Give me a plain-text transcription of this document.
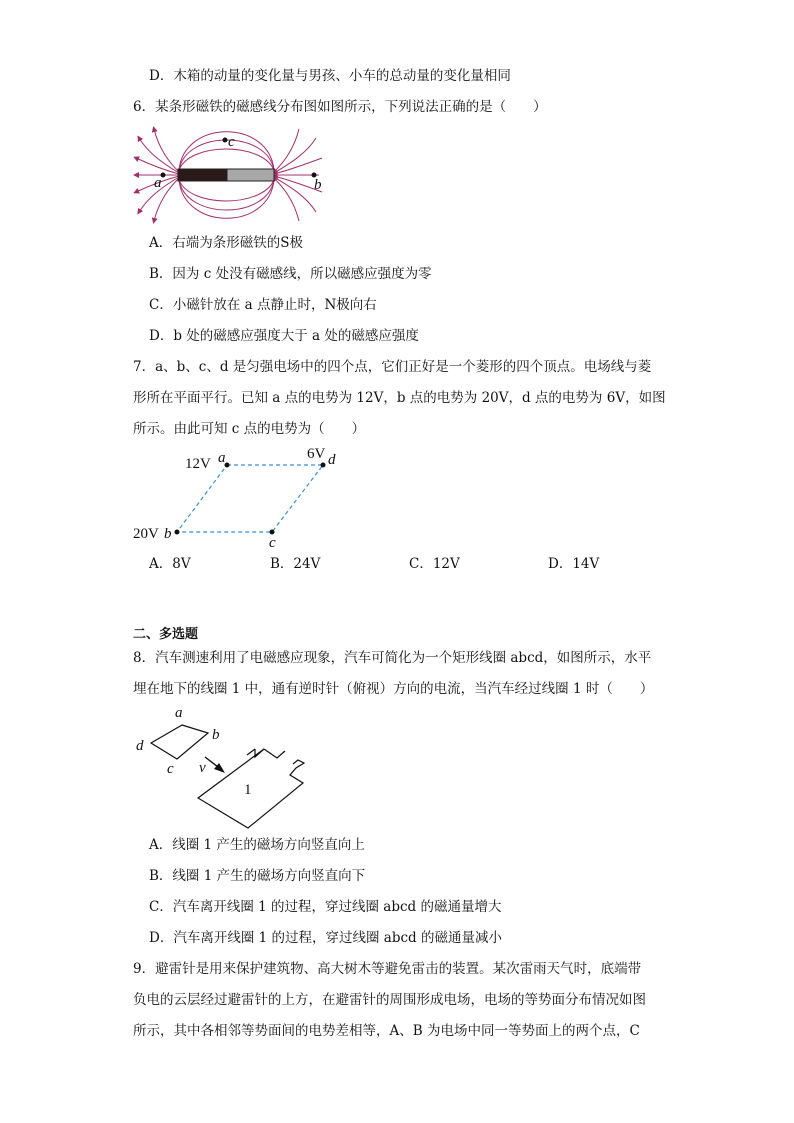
D．木箱的动量的变化量与男孩、小车的总动量的变化量相同
6．某条形磁铁的磁感线分布图如图所示，下列说法正确的是（　　）
c
a	b
A．右端为条形磁铁的S极
B．因为 c 处没有磁感线，所以磁感应强度为零
C．小磁针放在 a 点静止时，N极向右
D．b 处的磁感应强度大于 a 处的磁感应强度
7．a、b、c、d 是匀强电场中的四个点，它们正好是一个菱形的四个顶点。电场线与菱
形所在平面平行。已知 a 点的电势为 12V，b 点的电势为 20V，d 点的电势为 6V，如图
所示。由此可知 c 点的电势为（　　）
12V a	6V d
20V b
c
A．8V	B．24V	C．12V	D．14V
二、多选题
8．汽车测速利用了电磁感应现象，汽车可简化为一个矩形线圈 abcd，如图所示，水平
埋在地下的线圈 1 中，通有逆时针（俯视）方向的电流，当汽车经过线圈 1 时（　　）
a
b
c
d
v
1
A．线圈 1 产生的磁场方向竖直向上
B．线圈 1 产生的磁场方向竖直向下
C．汽车离开线圈 1 的过程，穿过线圈 abcd 的磁通量增大
D．汽车离开线圈 1 的过程，穿过线圈 abcd 的磁通量减小
9．避雷针是用来保护建筑物、高大树木等避免雷击的装置。某次雷雨天气时，底端带
负电的云层经过避雷针的上方，在避雷针的周围形成电场，电场的等势面分布情况如图
所示，其中各相邻等势面间的电势差相等，A、B 为电场中同一等势面上的两个点，C
